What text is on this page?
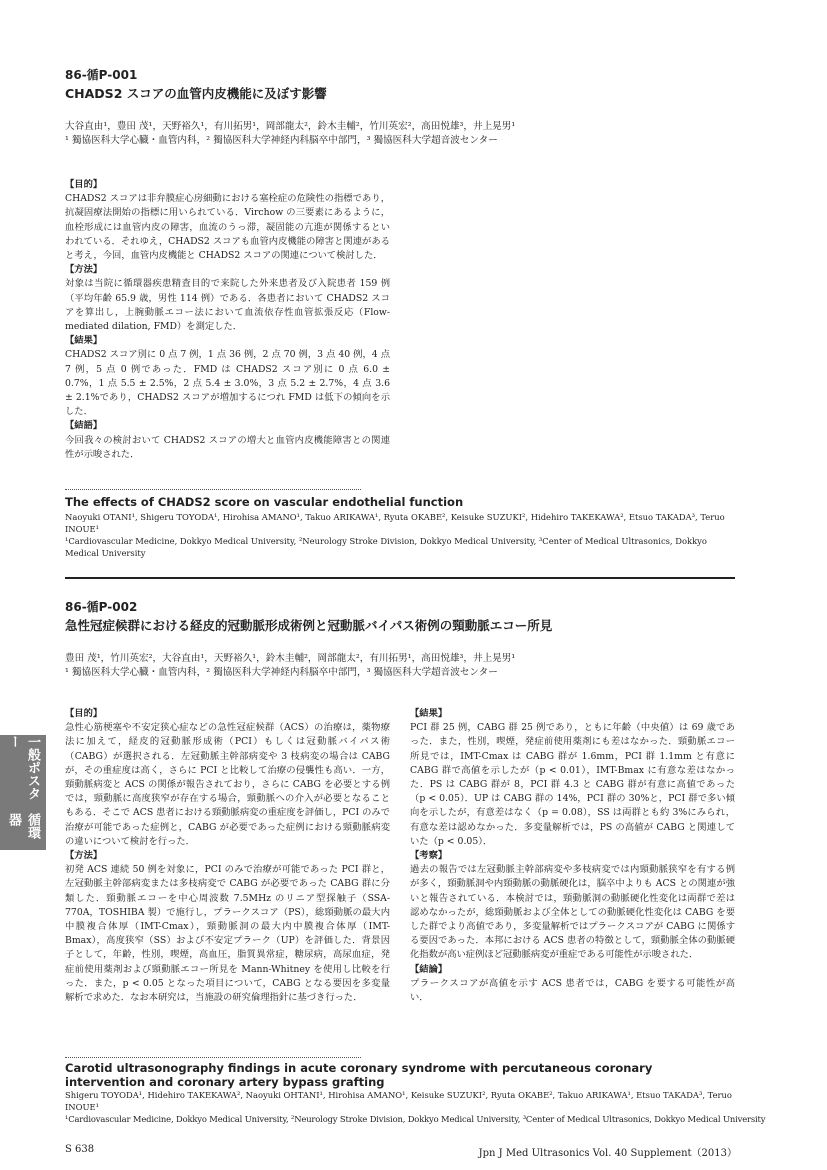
86-循P-001
CHADS2 スコアの血管内皮機能に及ぼす影響
大谷直由¹，豊田 茂¹，天野裕久¹，有川拓男¹，岡部龍太²，鈴木圭輔²，竹川英宏²，高田悦雄³，井上晃男¹
¹ 獨協医科大学心臓・血管内科，² 獨協医科大学神経内科脳卒中部門，³ 獨協医科大学超音波センター
【目的】
CHADS2 スコアは非弁膜症心房細動における塞栓症の危険性の指標であり，抗凝固療法開始の指標に用いられている．Virchow の三要素にあるように，血栓形成には血管内皮の障害，血流のうっ滞，凝固能の亢進が関係するといわれている．それゆえ，CHADS2 スコアも血管内皮機能の障害と関連があると考え，今回，血管内皮機能と CHADS2 スコアの関連について検討した．
【方法】
対象は当院に循環器疾患精査目的で来院した外来患者及び入院患者 159 例（平均年齢 65.9 歳，男性 114 例）である．各患者において CHADS2 スコアを算出し，上腕動脈エコー法において血流依存性血管拡張反応（Flow-mediated dilation, FMD）を測定した．
【結果】
CHADS2 スコア別に 0 点 7 例，1 点 36 例，2 点 70 例，3 点 40 例，4 点 7 例，5 点 0 例であった．FMD は CHADS2 スコア別に 0 点 6.0 ± 0.7%，1 点 5.5 ± 2.5%，2 点 5.4 ± 3.0%，3 点 5.2 ± 2.7%，4 点 3.6 ± 2.1%であり，CHADS2 スコアが増加するにつれ FMD は低下の傾向を示した．
【結語】
今回我々の検討おいて CHADS2 スコアの増大と血管内皮機能障害との関連性が示唆された．
The effects of CHADS2 score on vascular endothelial function
Naoyuki OTANI¹, Shigeru TOYODA¹, Hirohisa AMANO¹, Takuo ARIKAWA¹, Ryuta OKABE², Keisuke SUZUKI², Hidehiro TAKEKAWA², Etsuo TAKADA³, Teruo INOUE¹
¹Cardiovascular Medicine, Dokkyo Medical University, ²Neurology Stroke Division, Dokkyo Medical University, ³Center of Medical Ultrasonics, Dokkyo Medical University
86-循P-002
急性冠症候群における経皮的冠動脈形成術例と冠動脈バイパス術例の頸動脈エコー所見
豊田 茂¹，竹川英宏²，大谷直由¹，天野裕久¹，鈴木圭輔²，岡部龍太²，有川拓男¹，高田悦雄³，井上晃男¹
¹ 獨協医科大学心臓・血管内科，² 獨協医科大学神経内科脳卒中部門，³ 獨協医科大学超音波センター
【目的】
急性心筋梗塞や不安定狭心症などの急性冠症候群（ACS）の治療は，薬物療法に加えて，経皮的冠動脈形成術（PCI）もしくは冠動脈バイパス術（CABG）が選択される．左冠動脈主幹部病変や 3 枝病変の場合は CABG が，その重症度は高く，さらに PCI と比較して治療の侵襲性も高い．一方，頸動脈病変と ACS の関係が報告されており，さらに CABG を必要とする例では，頸動脈に高度狭窄が存在する場合，頸動脈への介入が必要となることもある．そこで ACS 患者における頸動脈病変の重症度を評価し，PCI のみで治療が可能であった症例と，CABG が必要であった症例における頸動脈病変の違いについて検討を行った．
【方法】
初発 ACS 連続 50 例を対象に，PCI のみで治療が可能であった PCI 群と，左冠動脈主幹部病変または多枝病変で CABG が必要であった CABG 群に分類した．頸動脈エコーを中心周波数 7.5MHz のリニア型探触子（SSA-770A，TOSHIBA 製）で施行し，プラークスコア（PS），総頸動脈の最大内中膜複合体厚（IMT-Cmax），頸動脈洞の最大内中膜複合体厚（IMT-Bmax），高度狭窄（SS）および不安定プラーク（UP）を評価した．背景因子として，年齢，性別，喫煙，高血圧，脂質異常症，糖尿病，高尿血症，発症前使用薬剤および頸動脈エコー所見を Mann-Whitney を使用し比較を行った．また，p < 0.05 となった項目について，CABG となる要因を多変量解析で求めた．なお本研究は，当施設の研究倫理指針に基づき行った．
【結果】
PCI 群 25 例，CABG 群 25 例であり，ともに年齢（中央値）は 69 歳であった．また，性別，喫煙，発症前使用薬剤にも差はなかった．頸動脈エコー所見では，IMT-Cmax は CABG 群が 1.6mm，PCI 群 1.1mm と有意に CABG 群で高値を示したが（p < 0.01），IMT-Bmax に有意な差はなかった．PS は CABG 群が 8，PCI 群 4.3 と CABG 群が有意に高値であった（p < 0.05）．UP は CABG 群の 14%，PCI 群の 30%と，PCI 群で多い傾向を示したが，有意差はなく（p = 0.08），SS は両群とも約 3%にみられ，有意な差は認めなかった．多変量解析では，PS の高値が CABG と関連していた（p < 0.05）．
【考察】
過去の報告では左冠動脈主幹部病変や多枝病変では内頸動脈狭窄を有する例が多く，頸動脈洞や内頸動脈の動脈硬化は，脳卒中よりも ACS との関連が強いと報告されている．本検討では，頸動脈洞の動脈硬化性変化は両群で差は認めなかったが，総頸動脈および全体としての動脈硬化性変化は CABG を要した群でより高値であり，多変量解析ではプラークスコアが CABG に関係する要因であった．本邦における ACS 患者の特徴として，頸動脈全体の動脈硬化指数が高い症例ほど冠動脈病変が重症である可能性が示唆された．
【結論】
プラークスコアが高値を示す ACS 患者では，CABG を要する可能性が高い．
Carotid ultrasonography findings in acute coronary syndrome with percutaneous coronary intervention and coronary artery bypass grafting
Shigeru TOYODA¹, Hidehiro TAKEKAWA², Naoyuki OHTANI¹, Hirohisa AMANO¹, Keisuke SUZUKI², Ryuta OKABE², Takuo ARIKAWA¹, Etsuo TAKADA³, Teruo INOUE¹
¹Cardiovascular Medicine, Dokkyo Medical University, ²Neurology Stroke Division, Dokkyo Medical University, ³Center of Medical Ultrasonics, Dokkyo Medical University
一般ポスター
循環器
S 638	Jpn J Med Ultrasonics Vol. 40 Supplement（2013）
